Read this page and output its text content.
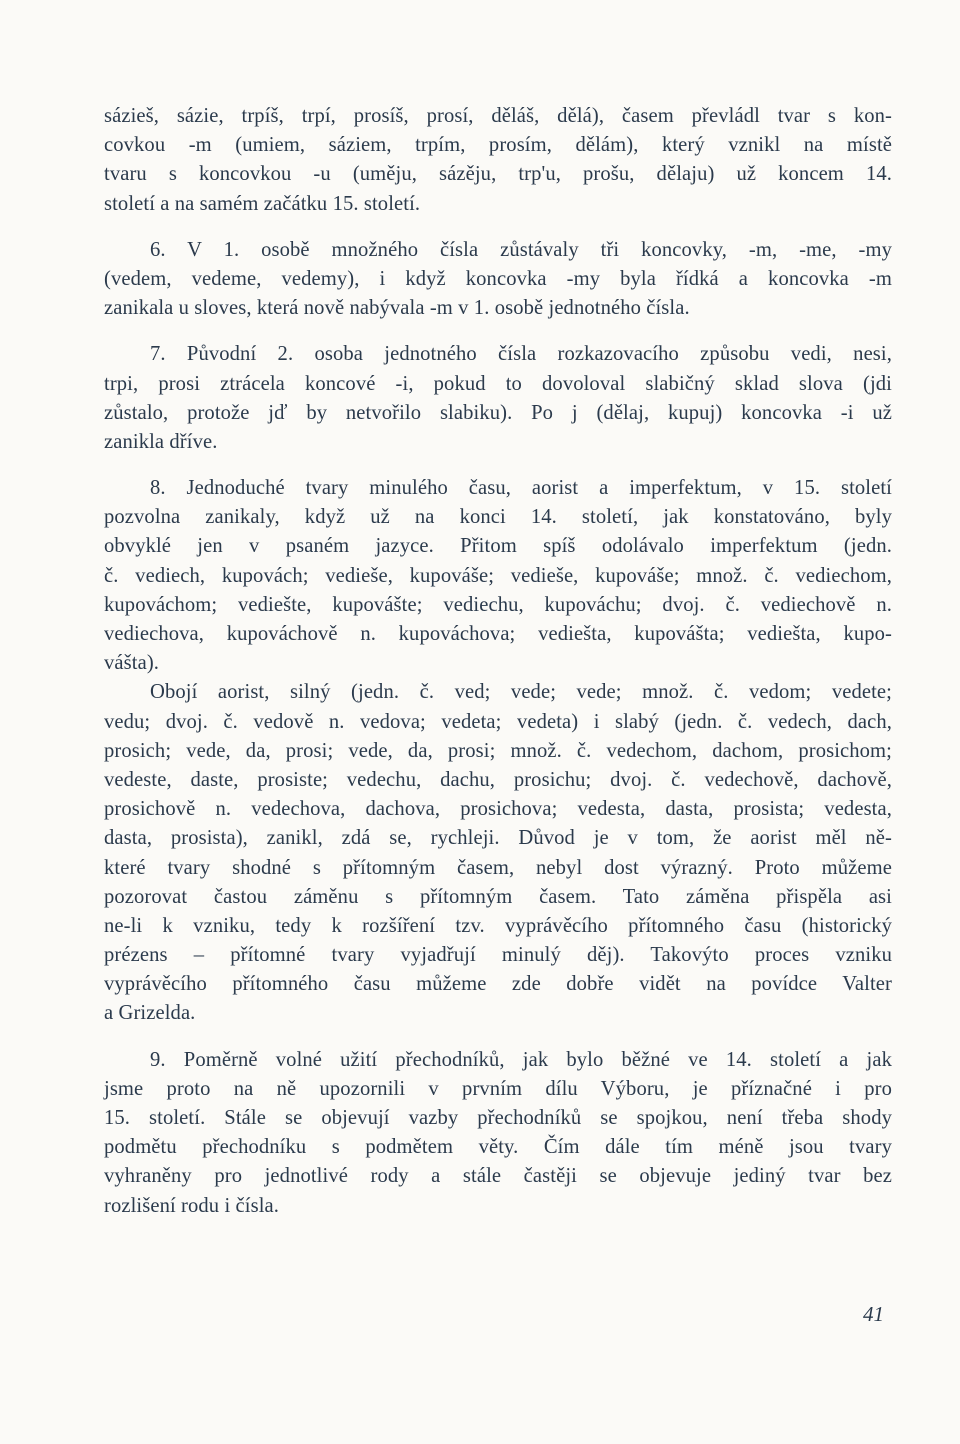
sázieš, sázie, trpíš, trpí, prosíš, prosí, děláš, dělá), časem převládl tvar s kon-
covkou -m (umiem, sáziem, trpím, prosím, dělám), který vznikl na místě
tvaru s koncovkou -u (uměju, sázěju, trp'u, prošu, dělaju) už koncem 14.
století a na samém začátku 15. století.
6. V 1. osobě množného čísla zůstávaly tři koncovky, -m, -me, -my
(vedem, vedeme, vedemy), i když koncovka -my byla řídká a koncovka -m
zanikala u sloves, která nově nabývala -m v 1. osobě jednotného čísla.
7. Původní 2. osoba jednotného čísla rozkazovacího způsobu vedi, nesi,
trpi, prosi ztrácela koncové -i, pokud to dovoloval slabičný sklad slova (jdi
zůstalo, protože jď by netvořilo slabiku). Po j (dělaj, kupuj) koncovka -i už
zanikla dříve.
8. Jednoduché tvary minulého času, aorist a imperfektum, v 15. století
pozvolna zanikaly, když už na konci 14. století, jak konstatováno, byly
obvyklé jen v psaném jazyce. Přitom spíš odolávalo imperfektum (jedn.
č. vediech, kupovách; vedieše, kupováše; vedieše, kupováše; množ. č. vediechom,
kupováchom; vediešte, kupovášte; vediechu, kupováchu; dvoj. č. vediechově n.
vediechova, kupováchově n. kupováchova; vediešta, kupovášta; vediešta, kupo-
vášta).
Obojí aorist, silný (jedn. č. ved; vede; vede; množ. č. vedom; vedete;
vedu; dvoj. č. vedově n. vedova; vedeta; vedeta) i slabý (jedn. č. vedech, dach,
prosich; vede, da, prosi; vede, da, prosi; množ. č. vedechom, dachom, prosichom;
vedeste, daste, prosiste; vedechu, dachu, prosichu; dvoj. č. vedechově, dachově,
prosichově n. vedechova, dachova, prosichova; vedesta, dasta, prosista; vedesta,
dasta, prosista), zanikl, zdá se, rychleji. Důvod je v tom, že aorist měl ně-
které tvary shodné s přítomným časem, nebyl dost výrazný. Proto můžeme
pozorovat častou záměnu s přítomným časem. Tato záměna přispěla asi
ne-li k vzniku, tedy k rozšíření tzv. vyprávěcího přítomného času (historický
prézens – přítomné tvary vyjadřují minulý děj). Takovýto proces vzniku
vyprávěcího přítomného času můžeme zde dobře vidět na povídce Valter
a Grizelda.
9. Poměrně volné užití přechodníků, jak bylo běžné ve 14. století a jak
jsme proto na ně upozornili v prvním dílu Výboru, je příznačné i pro
15. století. Stále se objevují vazby přechodníků se spojkou, není třeba shody
podmětu přechodníku s podmětem věty. Čím dále tím méně jsou tvary
vyhraněny pro jednotlivé rody a stále častěji se objevuje jediný tvar bez
rozlišení rodu i čísla.
41
